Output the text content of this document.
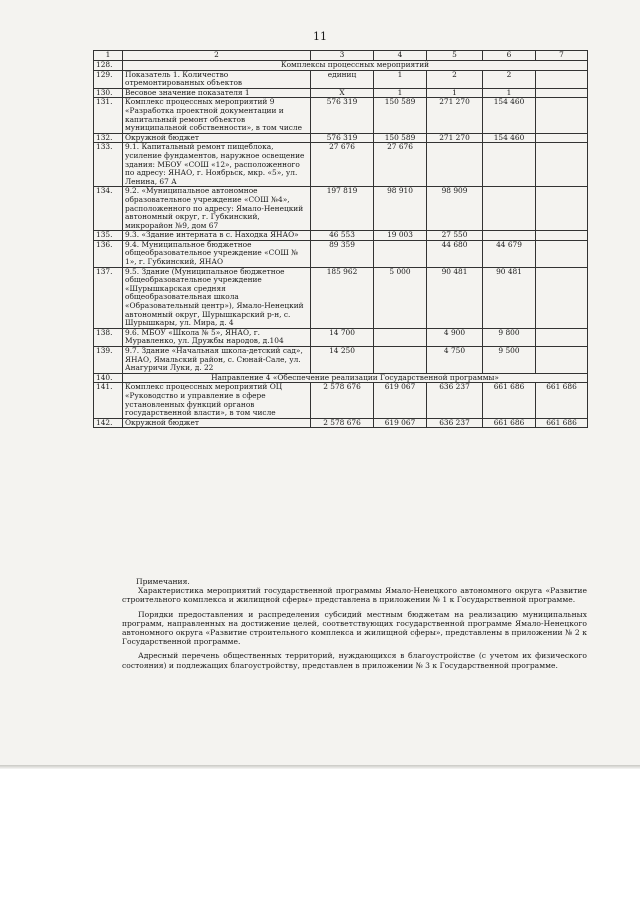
11
1	2	3	4	5	6	7
128.	Комплексы процессных мероприятий					
129.	Показатель 1. Количество отремонтированных объектов	единиц	1	2	2	
130.	Весовое значение показателя 1	Х	1	1	1	
131.	Комплекс процессных мероприятий 9 «Разработка проектной документации и капитальный ремонт объектов муниципальной собственности», в том числе	576 319	150 589	271 270	154 460	
132.	Окружной бюджет	576 319	150 589	271 270	154 460	
133.	9.1. Капитальный ремонт пищеблока, усиление фундаментов, наружное освещение здания: МБОУ «СОШ «12», расположенного по адресу: ЯНАО, г. Ноябрьск, мкр. «5», ул. Ленина, 67 А	27 676	27 676			
134.	9.2. «Муниципальное автономное образовательное учреждение «СОШ №4», расположенного по адресу: Ямало-Ненецкий автономный округ, г. Губкинский, микрорайон №9, дом 67	197 819	98 910	98 909		
135.	9.3. «Здание интерната в с. Находка ЯНАО»	46 553	19 003	27 550		
136.	9.4. Муниципальное бюджетное общеобразовательное учреждение «СОШ № 1», г. Губкинский, ЯНАО	89 359		44 680	44 679	
137.	9.5. Здание (Муниципальное бюджетное общеобразовательное учреждение «Шурышкарская средняя общеобразовательная школа «Образовательный центр»), Ямало-Ненецкий автономный округ, Шурышкарский р-н, с. Шурышкары, ул. Мира, д. 4	185 962	5 000	90 481	90 481	
138.	9.6. МБОУ «Школа № 5», ЯНАО, г. Муравленко, ул. Дружбы народов, д.104	14 700		4 900	9 800	
139.	9.7. Здание «Начальная школа-детский сад», ЯНАО, Ямальский район, с. Сюнай-Сале, ул. Анагуричи Луки, д. 22	14 250		4 750	9 500	
140.	Направление 4 «Обеспечение реализации Государственной программы»					
141.	Комплекс процессных мероприятий ОЦ «Руководство и управление в сфере установленных функций органов государственной власти», в том числе	2 578 676	619 067	636 237	661 686	661 686
142.	Окружной бюджет	2 578 676	619 067	636 237	661 686	661 686
Примечания.

Характеристика мероприятий государственной программы Ямало-Ненецкого автономного округа «Развитие строительного комплекса и жилищной сферы» представлена в приложении № 1 к Государственной программе.

Порядки предоставления и распределения субсидий местным бюджетам на реализацию муниципальных программ, направленных на достижение целей, соответствующих государственной программе Ямало-Ненецкого автономного округа «Развитие строительного комплекса и жилищной сферы», представлены в приложении № 2 к Государственной программе.

Адресный перечень общественных территорий, нуждающихся в благоустройстве (с учетом их физического состояния) и подлежащих благоустройству, представлен в приложении № 3 к Государственной программе.
